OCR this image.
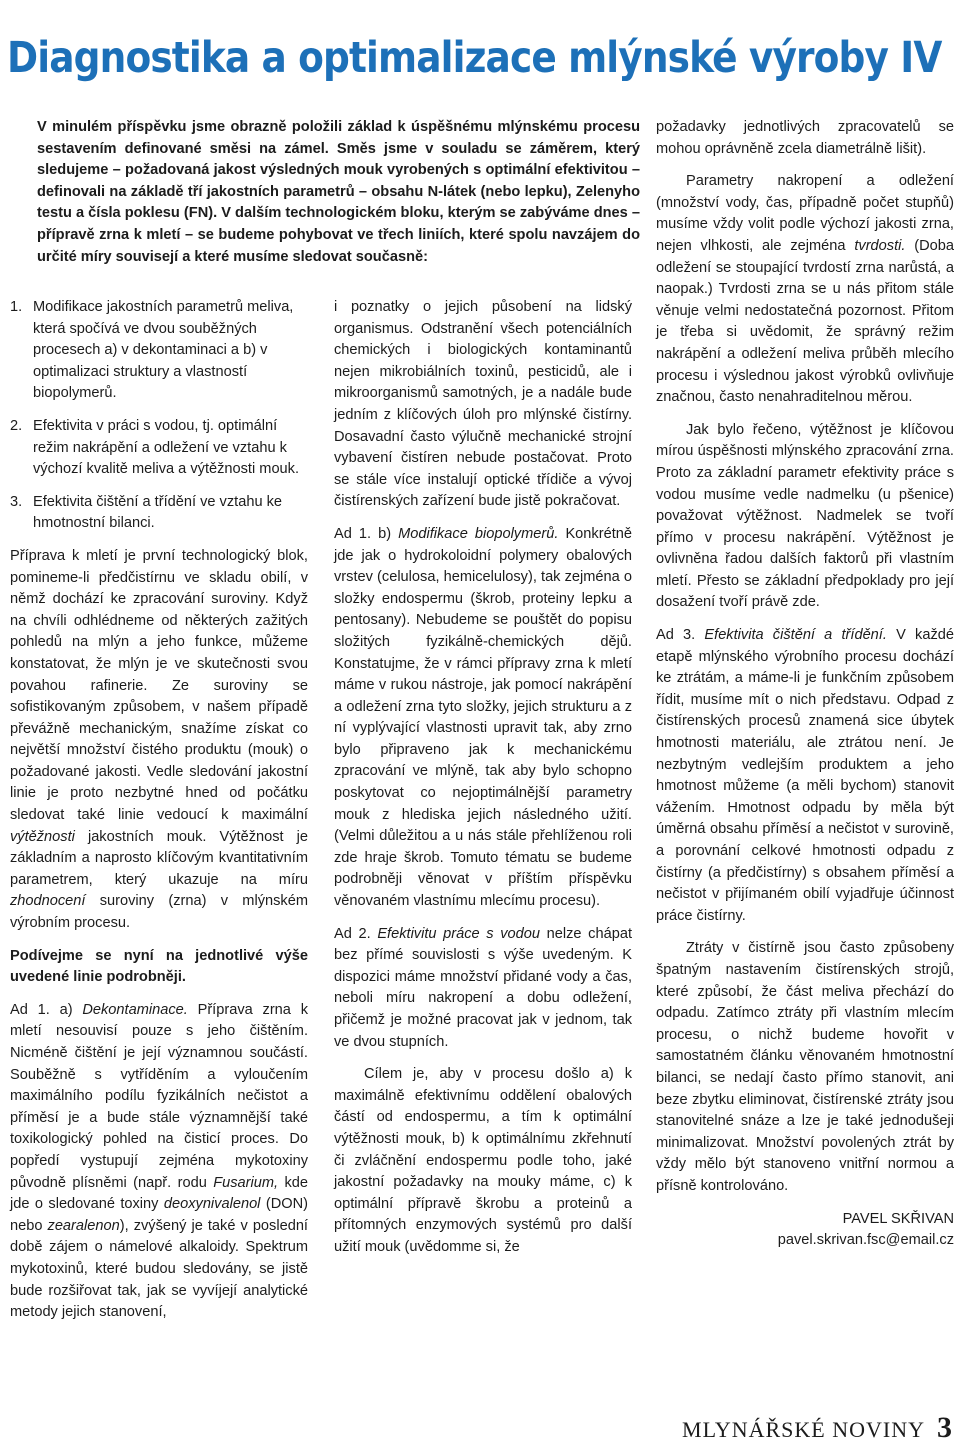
Diagnostika a optimalizace mlýnské výroby IV

V minulém příspěvku jsme obrazně položili základ k úspěšnému mlýnskému procesu sestavením definované směsi na zámel. Směs jsme v souladu se záměrem, který sledujeme – požadovaná jakost výsledných mouk vyrobených s optimální efektivitou – definovali na základě tří jakostních parametrů – obsahu N-látek (nebo lepku), Zelenyho testu a čísla poklesu (FN). V dalším technologickém bloku, kterým se zabýváme dnes – přípravě zrna k mletí – se budeme pohybovat ve třech liniích, které spolu navzájem do určité míry souvisejí a které musíme sledovat současně:

1. Modifikace jakostních parametrů meliva, která spočívá ve dvou souběžných procesech a) v dekontaminaci a b) v optimalizaci struktury a vlastností biopolymerů.
2. Efektivita v práci s vodou, tj. optimální režim nakrápění a odležení ve vztahu k výchozí kvalitě meliva a výtěžnosti mouk.
3. Efektivita čištění a třídění ve vztahu ke hmotnostní bilanci.

Příprava k mletí je první technologický blok, pomineme-li předčistírnu ve skladu obilí, v němž dochází ke zpracování suroviny. Když na chvíli odhlédneme od některých zažitých pohledů na mlýn a jeho funkce, můžeme konstatovat, že mlýn je ve skutečnosti svou povahou rafinerie. Ze suroviny se sofistikovaným způsobem, v našem případě převážně mechanickým, snažíme získat co největší množství čistého produktu (mouk) o požadované jakosti. Vedle sledování jakostní linie je proto nezbytné hned od počátku sledovat také linie vedoucí k maximální výtěžnosti jakostních mouk. Výtěžnost je základním a naprosto klíčovým kvantitativním parametrem, který ukazuje na míru zhodnocení suroviny (zrna) v mlýnském výrobním procesu.

Podívejme se nyní na jednotlivé výše uvedené linie podrobněji.

Ad 1. a) Dekontaminace. Příprava zrna k mletí nesouvisí pouze s jeho čištěním. Nicméně čištění je její významnou součástí. Souběžně s vytříděním a vyloučením maximálního podílu fyzikálních nečistot a příměsí je a bude stále významnější také toxikologický pohled na čisticí proces. Do popředí vystupují zejména mykotoxiny původně plísněmi (např. rodu Fusarium, kde jde o sledované toxiny deoxynivalenol (DON) nebo zearalenon), zvýšený je také v poslední době zájem o námelové alkaloidy. Spektrum mykotoxinů, které budou sledovány, se jistě bude rozšiřovat tak, jak se vyvíjejí analytické metody jejich stanovení,

i poznatky o jejich působení na lidský organismus. Odstranění všech potenciálních chemických i biologických kontaminantů nejen mikrobiálních toxinů, pesticidů, ale i mikroorganismů samotných, je a nadále bude jedním z klíčových úloh pro mlýnské čistírny. Dosavadní často výlučně mechanické strojní vybavení čistíren nebude postačovat. Proto se stále více instalují optické třídiče a vývoj čistírenských zařízení bude jistě pokračovat.

Ad 1. b) Modifikace biopolymerů. Konkrétně jde jak o hydrokoloidní polymery obalových vrstev (celulosa, hemicelulosy), tak zejména o složky endospermu (škrob, proteiny lepku a pentosany). Nebudeme se pouštět do popisu složitých fyzikálně-chemických dějů. Konstatujme, že v rámci přípravy zrna k mletí máme v rukou nástroje, jak pomocí nakrápění a odležení zrna tyto složky, jejich strukturu a z ní vyplývající vlastnosti upravit tak, aby zrno bylo připraveno jak k mechanickému zpracování ve mlýně, tak aby bylo schopno poskytovat co nejoptimálnější parametry mouk z hlediska jejich následného užití. (Velmi důležitou a u nás stále přehlíženou roli zde hraje škrob. Tomuto tématu se budeme podrobněji věnovat v příštím příspěvku věnovaném vlastnímu mlecímu procesu).

Ad 2. Efektivitu práce s vodou nelze chápat bez přímé souvislosti s výše uvedeným. K dispozici máme množství přidané vody a čas, neboli míru nakropení a dobu odležení, přičemž je možné pracovat jak v jednom, tak ve dvou stupních.

Cílem je, aby v procesu došlo a) k maximálně efektivnímu oddělení obalových částí od endospermu, a tím k optimální výtěžnosti mouk, b) k optimálnímu zkřehnutí či zvláčnění endospermu podle toho, jaké jakostní požadavky na mouky máme, c) k optimální přípravě škrobu a proteinů a přítomných enzymových systémů pro další užití mouk (uvědomme si, že

požadavky jednotlivých zpracovatelů se mohou oprávněně zcela diametrálně lišit).

Parametry nakropení a odležení (množství vody, čas, případně počet stupňů) musíme vždy volit podle výchozí jakosti zrna, nejen vlhkosti, ale zejména tvrdosti. (Doba odležení se stoupající tvrdostí zrna narůstá, a naopak.) Tvrdosti zrna se u nás přitom stále věnuje velmi nedostatečná pozornost. Přitom je třeba si uvědomit, že správný režim nakrápění a odležení meliva průběh mlecího procesu i výslednou jakost výrobků ovlivňuje značnou, často nenahraditelnou měrou.

Jak bylo řečeno, výtěžnost je klíčovou mírou úspěšnosti mlýnského zpracování zrna. Proto za základní parametr efektivity práce s vodou musíme vedle nadmelku (u pšenice) považovat výtěžnost. Nadmelek se tvoří přímo v procesu nakrápění. Výtěžnost je ovlivněna řadou dalších faktorů při vlastním mletí. Přesto se základní předpoklady pro její dosažení tvoří právě zde.

Ad 3. Efektivita čištění a třídění. V každé etapě mlýnského výrobního procesu dochází ke ztrátám, a máme-li je funkčním způsobem řídit, musíme mít o nich představu. Odpad z čistírenských procesů znamená sice úbytek hmotnosti materiálu, ale ztrátou není. Je nezbytným vedlejším produktem a jeho hmotnost můžeme (a měli bychom) stanovit vážením. Hmotnost odpadu by měla být úměrná obsahu příměsí a nečistot v surovině, a porovnání celkové hmotnosti odpadu z čistírny (a předčistírny) s obsahem příměsí a nečistot v přijímaném obilí vyjadřuje účinnost práce čistírny.

Ztráty v čistírně jsou často způsobeny špatným nastavením čistírenských strojů, které způsobí, že část meliva přechází do odpadu. Zatímco ztráty při vlastním mlecím procesu, o nichž budeme hovořit v samostatném článku věnovaném hmotnostní bilanci, se nedají často přímo stanovit, ani beze zbytku eliminovat, čistírenské ztráty jsou stanovitelné snáze a lze je také jednodušeji minimalizovat. Množství povolených ztrát by vždy mělo být stanoveno vnitřní normou a přísně kontrolováno.

PAVEL SKŘIVAN

pavel.skrivan.fsc@email.cz

MLYNÁŘSKÉ NOVINY 3
